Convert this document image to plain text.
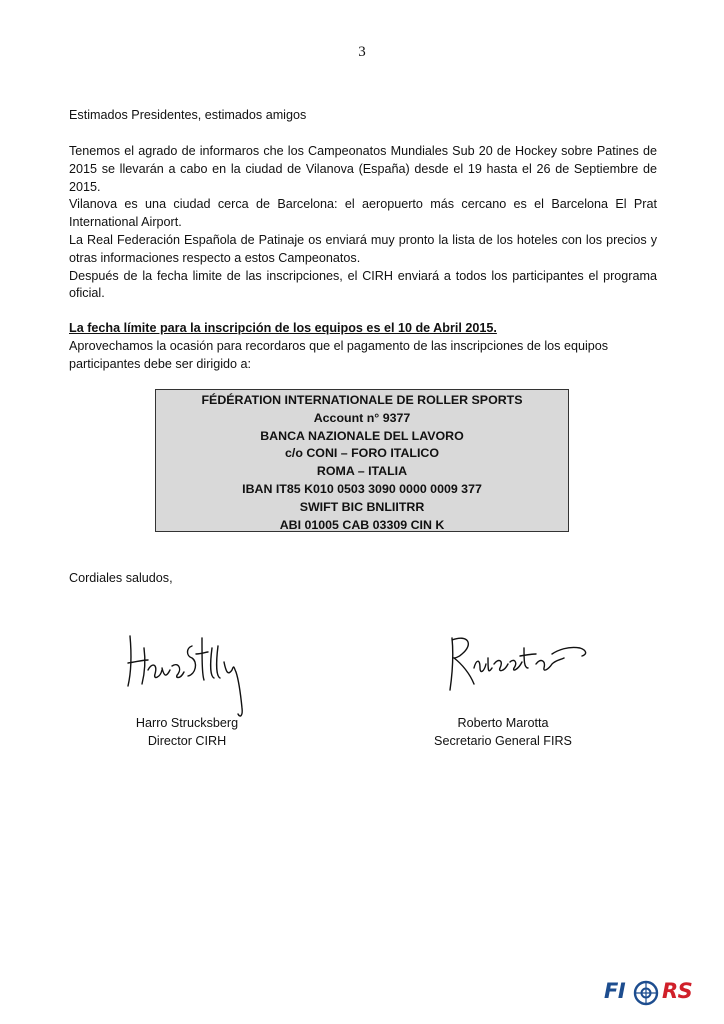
3
Estimados Presidentes, estimados amigos

Tenemos el agrado de informaros che los Campeonatos Mundiales Sub 20 de Hockey sobre Patines de 2015 se llevarán a cabo en la ciudad de Vilanova (España) desde el 19 hasta el 26 de Septiembre de 2015.

Vilanova es una ciudad cerca de Barcelona: el aeropuerto más cercano es el Barcelona El Prat International Airport.

La Real Federación Española de Patinaje os enviará muy pronto la lista de los hoteles con los precios y otras informaciones respecto a estos Campeonatos.

Después de la fecha limite de las inscripciones, el CIRH enviará a todos los participantes el programa oficial.

La fecha límite para la inscripción de los equipos es el 10 de Abril 2015.

Aprovechamos la ocasión para recordaros que el pagamento de las inscripciones de los equipos participantes debe ser dirigido a:

FÉDÉRATION INTERNATIONALE DE ROLLER SPORTS
Account n° 9377
BANCA NAZIONALE DEL LAVORO
c/o CONI – FORO ITALICO
ROMA – ITALIA
IBAN IT85 K010 0503 3090 0000 0009 377
SWIFT BIC BNLIITRR
ABI 01005 CAB 03309 CIN K
Cordiales saludos,
Harro Strucksberg
Director CIRH
Roberto Marotta
Secretario General FIRS
FI RS
